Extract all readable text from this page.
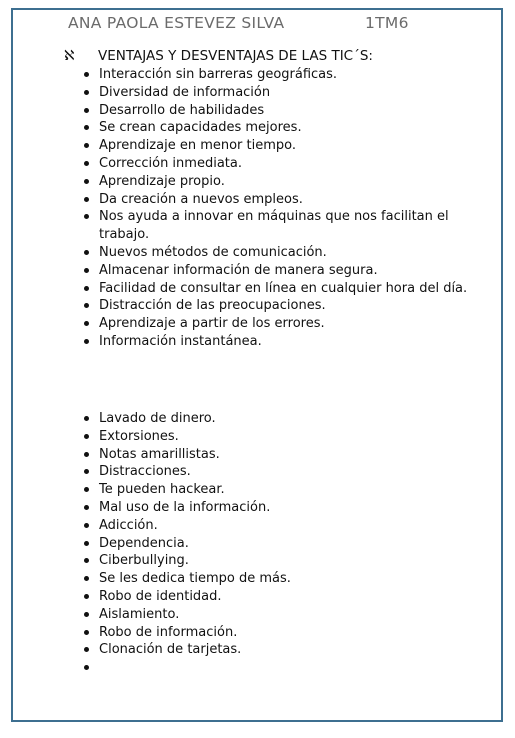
ANA PAOLA ESTEVEZ SILVA	1TM6
ℵ	VENTAJAS Y DESVENTAJAS DE LAS TIC´S:
Interacción sin barreras geográficas.
Diversidad de información
Desarrollo de habilidades
Se crean capacidades mejores.
Aprendizaje en menor tiempo.
Corrección inmediata.
Aprendizaje propio.
Da creación a nuevos empleos.
Nos ayuda a innovar en máquinas que nos facilitan el trabajo.
Nuevos métodos de comunicación.
Almacenar información de manera segura.
Facilidad de consultar en línea en cualquier hora del día.
Distracción de las preocupaciones.
Aprendizaje a partir de los errores.
Información instantánea.
Lavado de dinero.
Extorsiones.
Notas amarillistas.
Distracciones.
Te pueden hackear.
Mal uso de la información.
Adicción.
Dependencia.
Ciberbullying.
Se les dedica tiempo de más.
Robo de identidad.
Aislamiento.
Robo de información.
Clonación de tarjetas.
